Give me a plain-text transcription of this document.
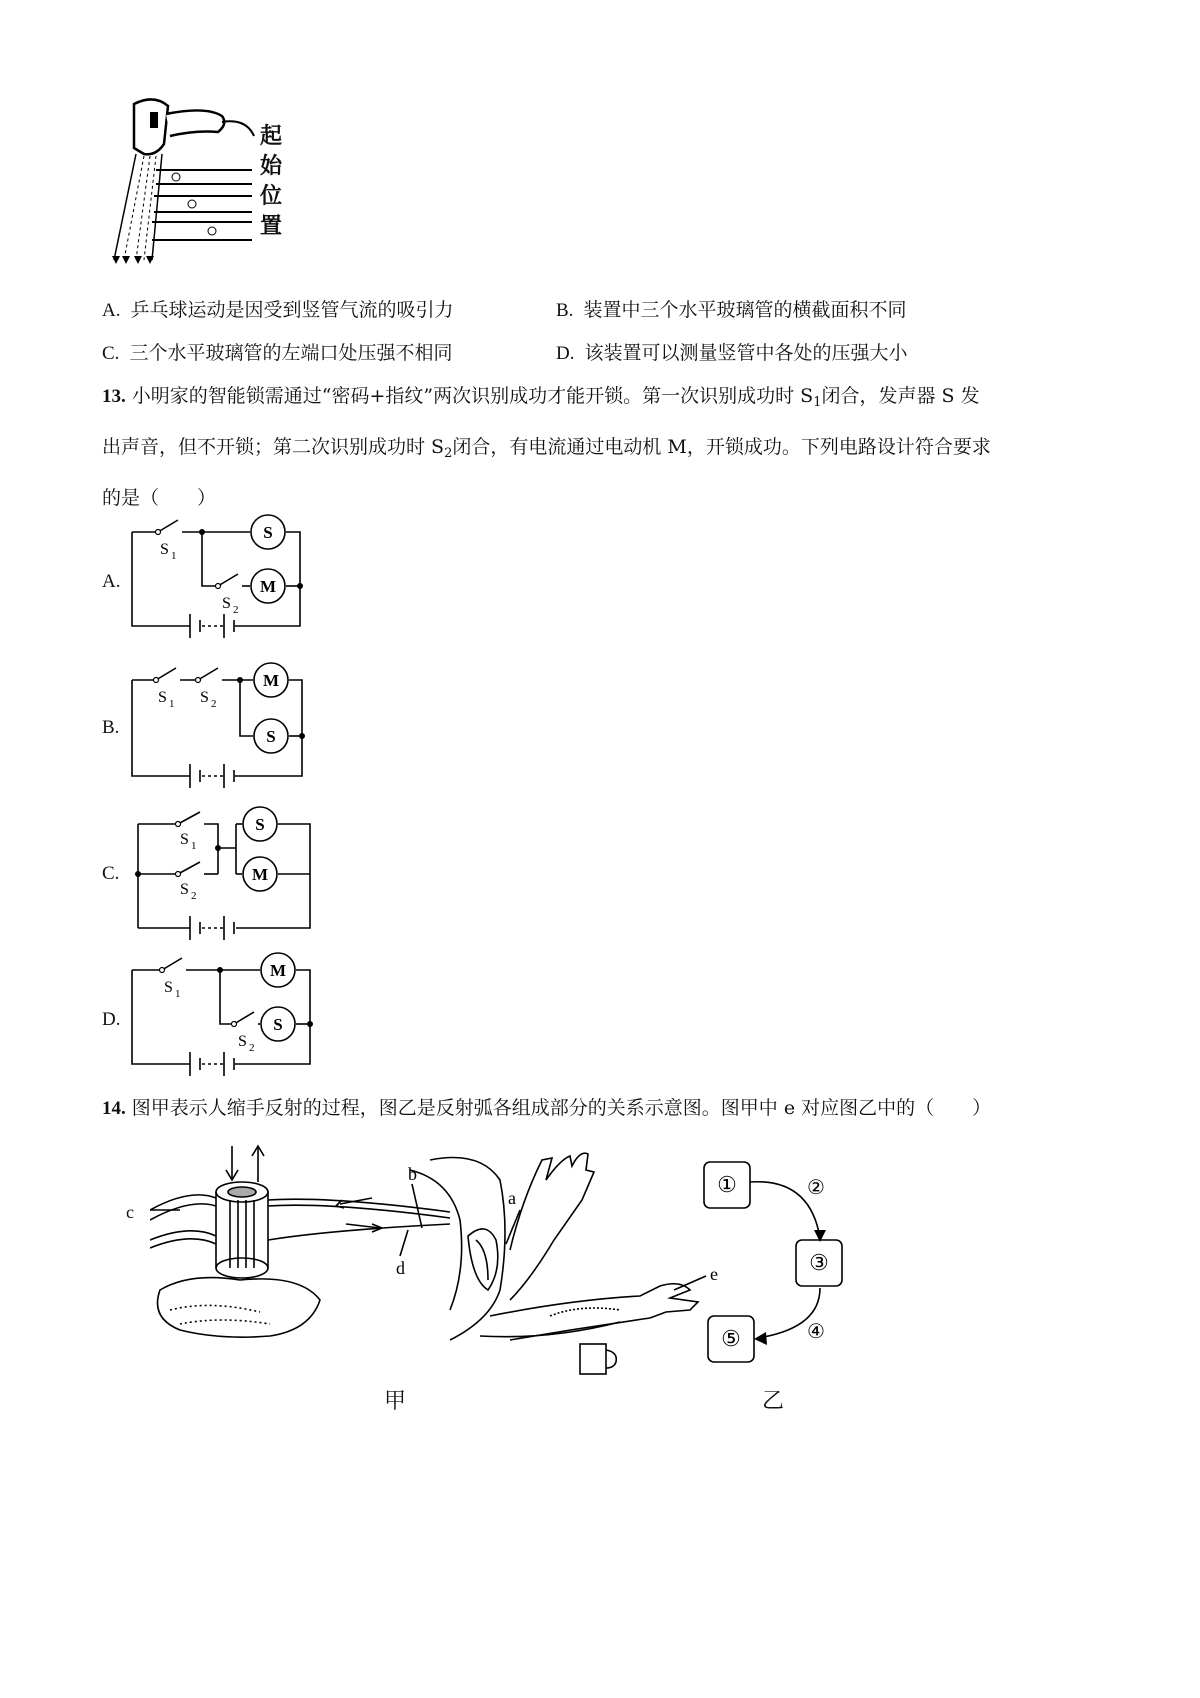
起
始
位
置
A. 乒乓球运动是因受到竖管气流的吸引力	B. 装置中三个水平玻璃管的横截面积不同
C. 三个水平玻璃管的左端口处压强不相同	D. 该装置可以测量竖管中各处的压强大小
13. 小明家的智能锁需通过“密码+指纹”两次识别成功才能开锁。第一次识别成功时 $S_1$闭合，发声器 S 发
出声音，但不开锁；第二次识别成功时 $S_2$闭合，有电流通过电动机 M，开锁成功。下列电路设计符合要求
的是（　　）
A.
S
M
S 1
S 2
B.
M
S
S 1 S 2
C.
S
M
S 1
S 2
D.
M
S
S 1
S 2
14. 图甲表示人缩手反射的过程，图乙是反射弧各组成部分的关系示意图。图甲中 e 对应图乙中的（　　）
b
d
a
e
c
甲
①
③
⑤
②
④
乙
